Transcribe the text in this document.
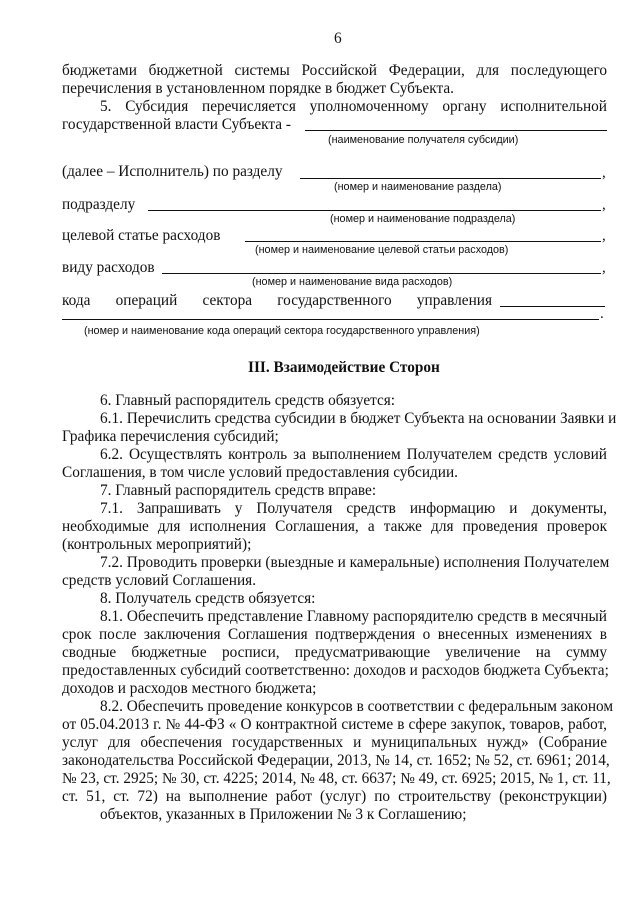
6
бюджетами бюджетной системы Российской Федерации, для последующего
перечисления в установленном порядке в бюджет Субъекта.
5. Субсидия перечисляется уполномоченному органу исполнительной
государственной власти Субъекта -
(наименование получателя субсидии)
(далее – Исполнитель) по разделу	,
(номер и наименование раздела)
подразделу	,
(номер и наименование подраздела)
целевой статье расходов	,
(номер и наименование целевой статьи расходов)
виду расходов	,
(номер и наименование вида расходов)
кода операций сектора государственного управления
.
(номер и наименование кода операций сектора государственного управления)
III. Взаимодействие Сторон
6. Главный распорядитель средств обязуется:
6.1. Перечислить средства субсидии в бюджет Субъекта на основании Заявки и
Графика перечисления субсидий;
6.2. Осуществлять контроль за выполнением Получателем средств условий
Соглашения, в том числе условий предоставления субсидии.
7. Главный распорядитель средств вправе:
7.1. Запрашивать у Получателя средств информацию и документы,
необходимые для исполнения Соглашения, а также для проведения проверок
(контрольных мероприятий);
7.2. Проводить проверки (выездные и камеральные) исполнения Получателем
средств условий Соглашения.
8. Получатель средств обязуется:
8.1. Обеспечить представление Главному распорядителю средств в месячный
срок после заключения Соглашения подтверждения о внесенных изменениях в
сводные бюджетные росписи, предусматривающие увеличение на сумму
предоставленных субсидий соответственно: доходов и расходов бюджета Субъекта;
доходов и расходов местного бюджета;
8.2. Обеспечить проведение конкурсов в соответствии с федеральным законом
от 05.04.2013 г. № 44-ФЗ « О контрактной системе в сфере закупок, товаров, работ,
услуг для обеспечения государственных и муниципальных нужд» (Собрание
законодательства Российской Федерации, 2013, № 14, ст. 1652; № 52, ст. 6961; 2014,
№ 23, ст. 2925; № 30, ст. 4225; 2014, № 48, ст. 6637; № 49, ст. 6925; 2015, № 1, ст. 11,
ст. 51, ст. 72) на выполнение работ (услуг) по строительству (реконструкции)
объектов, указанных в Приложении № 3 к Соглашению;
